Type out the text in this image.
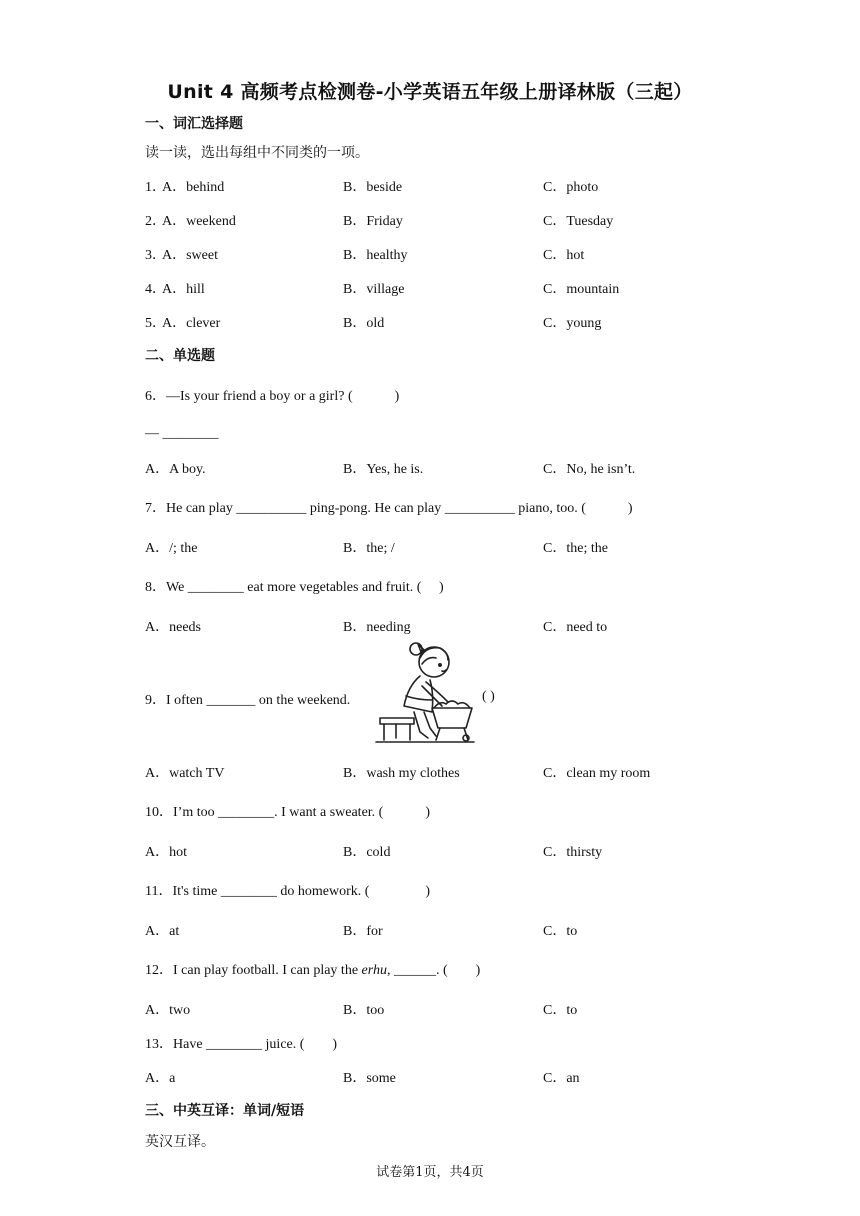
Unit 4 高频考点检测卷-小学英语五年级上册译林版（三起）
一、词汇选择题
读一读，选出每组中不同类的一项。
1．
A．behind	B．beside	C．photo
2．
A．weekend	B．Friday	C．Tuesday
3．
A．sweet	B．healthy	C．hot
4．
A．hill	B．village	C．mountain
5．
A．clever	B．old	C．young
二、单选题
6．—Is your friend a boy or a girl? (　　　)
— ________
A．A boy.	B．Yes, he is.	C．No, he isn’t.
7．He can play __________ ping-pong. He can play __________ piano, too. (　　　)
A．/; the	B．the; /	C．the; the
8．We ________ eat more vegetables and fruit. (　 )
A．needs	B．needing	C．need to
9．I often _______ on the weekend.	( )
A．watch TV	B．wash my clothes	C．clean my room
10．I’m too ________. I want a sweater. (　　　)
A．hot	B．cold	C．thirsty
11．It's time ________ do homework. (　　　　)
A．at	B．for	C．to
12．I can play football. I can play the erhu, ______. (　　)
A．two	B．too	C．to
13．Have ________ juice. (　　)
A．a	B．some	C．an
三、中英互译：单词/短语
英汉互译。
试卷第1页，共4页
